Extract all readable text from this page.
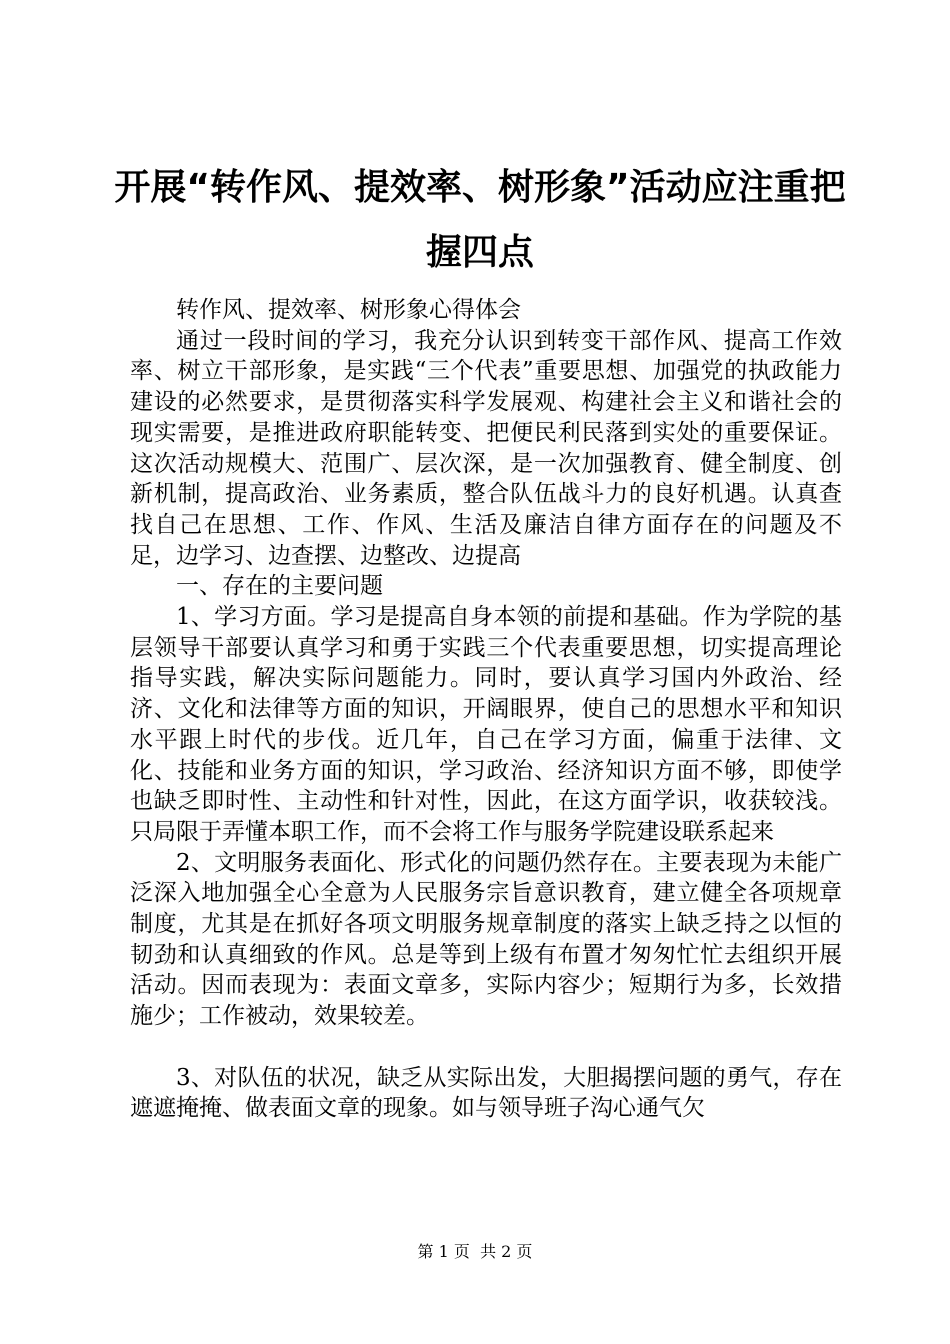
开展“转作风、提效率、树形象”活动应注重把握四点

转作风、提效率、树形象心得体会

通过一段时间的学习，我充分认识到转变干部作风、提高工作效率、树立干部形象，是实践“三个代表”重要思想、加强党的执政能力建设的必然要求，是贯彻落实科学发展观、构建社会主义和谐社会的现实需要，是推进政府职能转变、把便民利民落到实处的重要保证。这次活动规模大、范围广、层次深，是一次加强教育、健全制度、创新机制，提高政治、业务素质，整合队伍战斗力的良好机遇。认真查找自己在思想、工作、作风、生活及廉洁自律方面存在的问题及不足，边学习、边查摆、边整改、边提高

一、存在的主要问题

1、学习方面。学习是提高自身本领的前提和基础。作为学院的基层领导干部要认真学习和勇于实践三个代表重要思想，切实提高理论指导实践，解决实际问题能力。同时，要认真学习国内外政治、经济、文化和法律等方面的知识，开阔眼界，使自己的思想水平和知识水平跟上时代的步伐。近几年，自己在学习方面，偏重于法律、文化、技能和业务方面的知识，学习政治、经济知识方面不够，即使学也缺乏即时性、主动性和针对性，因此，在这方面学识，收获较浅。只局限于弄懂本职工作，而不会将工作与服务学院建设联系起来

2、文明服务表面化、形式化的问题仍然存在。主要表现为未能广泛深入地加强全心全意为人民服务宗旨意识教育，建立健全各项规章制度，尤其是在抓好各项文明服务规章制度的落实上缺乏持之以恒的韧劲和认真细致的作风。总是等到上级有布置才匆匆忙忙去组织开展活动。因而表现为：表面文章多，实际内容少；短期行为多，长效措施少；工作被动，效果较差。

3、对队伍的状况，缺乏从实际出发，大胆揭摆问题的勇气，存在遮遮掩掩、做表面文章的现象。如与领导班子沟心通气欠

第 1 页  共 2 页
